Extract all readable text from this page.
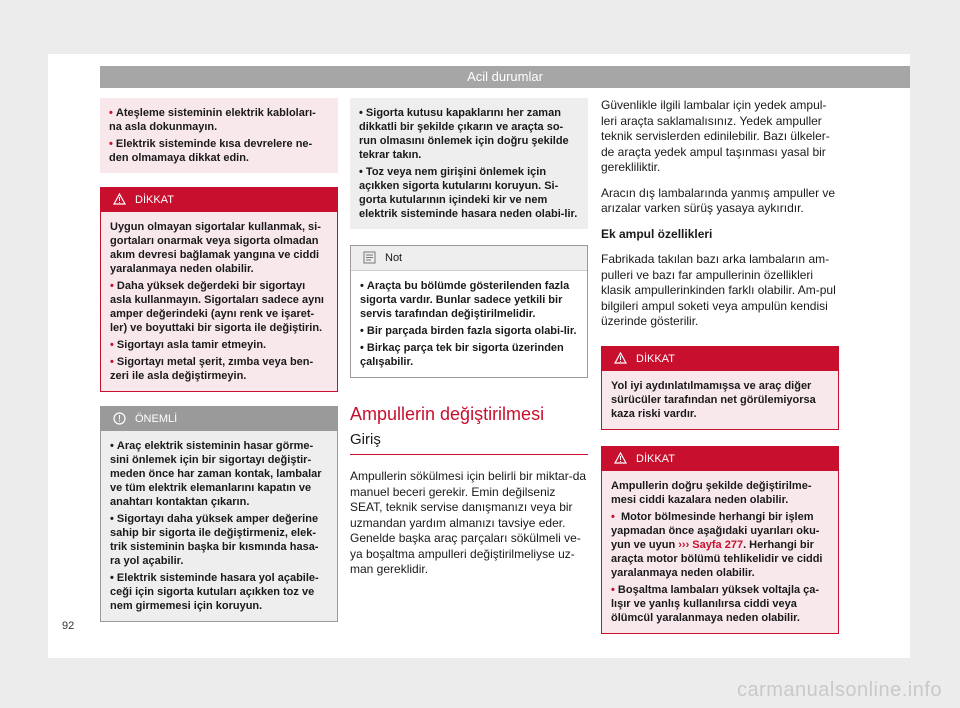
Acil durumlar

• Ateşleme sisteminin elektrik kabloları-na asla dokunmayın.

• Elektrik sisteminde kısa devrelere ne-den olmamaya dikkat edin.

DİKKAT

Uygun olmayan sigortalar kullanmak, si-gortaları onarmak veya sigorta olmadan akım devresi bağlamak yangına ve ciddi yaralanmaya neden olabilir.

• Daha yüksek değerdeki bir sigortayı asla kullanmayın. Sigortaları sadece aynı amper değerindeki (aynı renk ve işaret-ler) ve boyuttaki bir sigorta ile değiştirin.

• Sigortayı asla tamir etmeyin.

• Sigortayı metal şerit, zımba veya ben-zeri ile asla değiştirmeyin.

ÖNEMLİ

• Araç elektrik sisteminin hasar görme-sini önlemek için bir sigortayı değiştir-meden önce har zaman kontak, lambalar ve tüm elektrik elemanlarını kapatın ve anahtarı kontaktan çıkarın.

• Sigortayı daha yüksek amper değerine sahip bir sigorta ile değiştirmeniz, elek-trik sisteminin başka bir kısmında hasa-ra yol açabilir.

• Elektrik sisteminde hasara yol açabile-ceği için sigorta kutuları açıkken toz ve nem girmemesi için koruyun.

• Sigorta kutusu kapaklarını her zaman dikkatli bir şekilde çıkarın ve araçta so-run olmasını önlemek için doğru şekilde tekrar takın.

• Toz veya nem girişini önlemek için açıkken sigorta kutularını koruyun. Si-gorta kutularının içindeki kir ve nem elektrik sisteminde hasara neden olabi-lir.

Not

• Araçta bu bölümde gösterilenden fazla sigorta vardır. Bunlar sadece yetkili bir servis tarafından değiştirilmelidir.

• Bir parçada birden fazla sigorta olabi-lir.

• Birkaç parça tek bir sigorta üzerinden çalışabilir.

Ampullerin değiştirilmesi
Giriş

Ampullerin sökülmesi için belirli bir miktar-da manuel beceri gerekir. Emin değilseniz SEAT, teknik servise danışmanızı veya bir uzmandan yardım almanızı tavsiye eder. Genelde başka araç parçaları sökülmeli ve-ya boşaltma ampulleri değiştirilmeliyse uz-man gereklidir.

Güvenlikle ilgili lambalar için yedek ampul-leri araçta saklamalısınız. Yedek ampuller teknik servislerden edinilebilir. Bazı ülkeler-de araçta yedek ampul taşınması yasal bir gerekliliktir.

Aracın dış lambalarında yanmış ampuller ve arızalar varken sürüş yasaya aykırıdır.

Ek ampul özellikleri

Fabrikada takılan bazı arka lambaların am-pulleri ve bazı far ampullerinin özellikleri klasik ampullerinkinden farklı olabilir. Am-pul bilgileri ampul soketi veya ampulün kendisi üzerinde gösterilir.

DİKKAT

Yol iyi aydınlatılmamışsa ve araç diğer sürücüler tarafından net görülemiyorsa kaza riski vardır.

DİKKAT

Ampullerin doğru şekilde değiştirilme-mesi ciddi kazalara neden olabilir.

• Motor bölmesinde herhangi bir işlem yapmadan önce aşağıdaki uyarıları oku-yun ve uyun ››› Sayfa 277. Herhangi bir araçta motor bölümü tehlikelidir ve ciddi yaralanmaya neden olabilir.

• Boşaltma lambaları yüksek voltajla ça-lışır ve yanlış kullanılırsa ciddi veya ölümcül yaralanmaya neden olabilir.

92
carmanualsonline.info
